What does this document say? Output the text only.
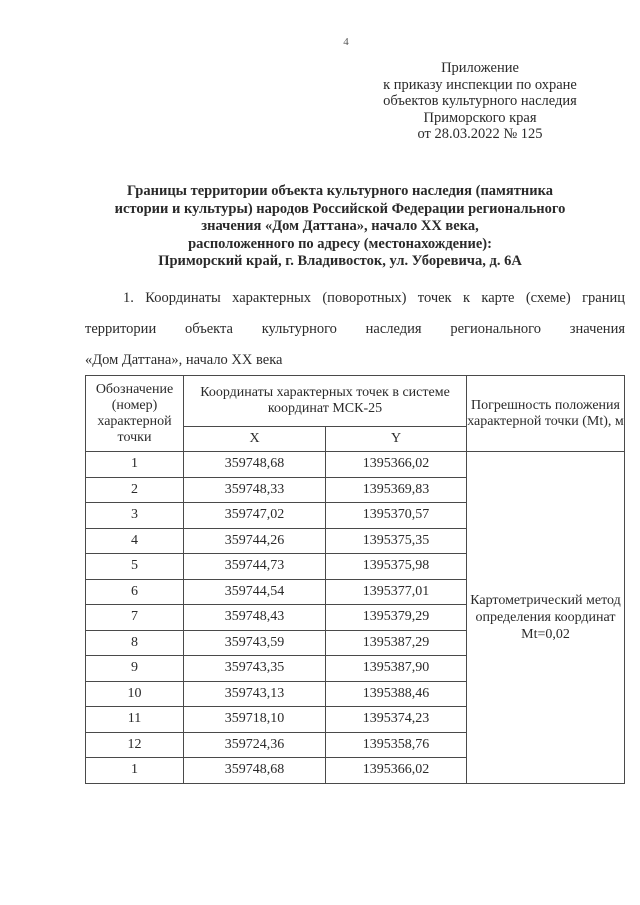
4
Приложение
к приказу инспекции по охране
объектов культурного наследия
Приморского края
от 28.03.2022 № 125
Границы территории объекта культурного наследия (памятника
истории и культуры) народов Российской Федерации регионального
значения «Дом Даттана», начало XX века,
расположенного по адресу (местонахождение):
Приморский край, г. Владивосток, ул. Уборевича, д. 6А
1. Координаты характерных (поворотных) точек к карте (схеме) границ
территории объекта культурного наследия регионального значения
«Дом Даттана», начало XX века
Обозначение (номер) характерной точки	Координаты характерных точек в системе координат МСК-25		Погрешность положения характерной точки (Mt), м
	X	Y	
1	359748,68	1395366,02	Картометрический метод определения координат Mt=0,02
2	359748,33	1395369,83	
3	359747,02	1395370,57	
4	359744,26	1395375,35	
5	359744,73	1395375,98	
6	359744,54	1395377,01	
7	359748,43	1395379,29	
8	359743,59	1395387,29	
9	359743,35	1395387,90	
10	359743,13	1395388,46	
11	359718,10	1395374,23	
12	359724,36	1395358,76	
1	359748,68	1395366,02	
